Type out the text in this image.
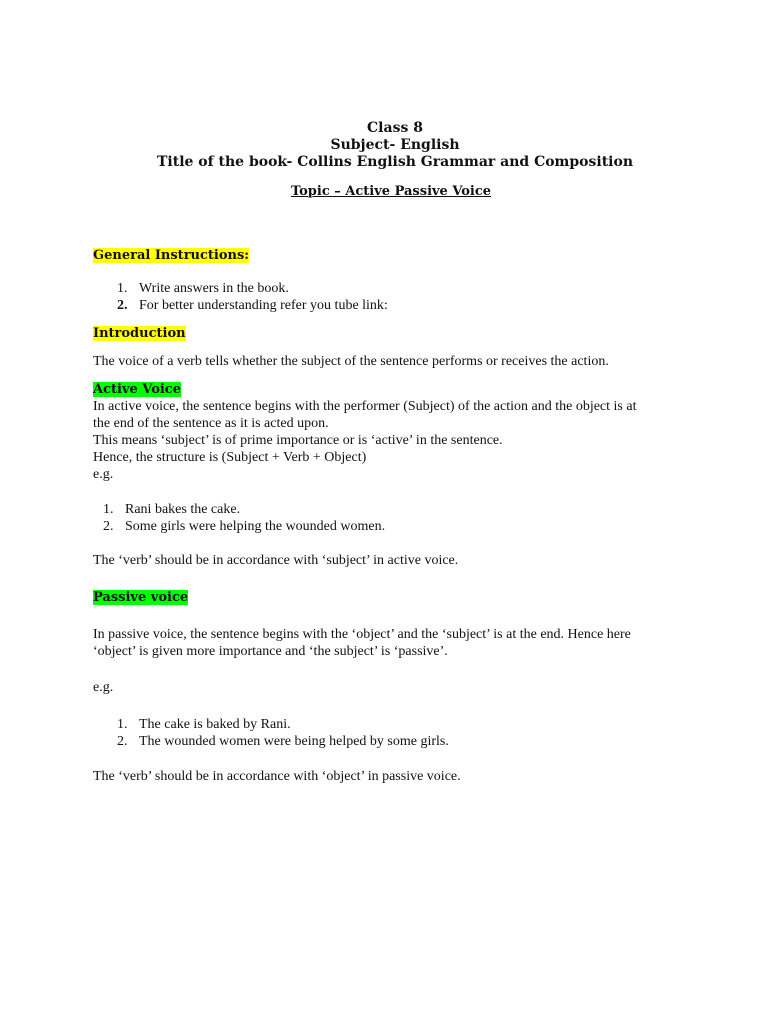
Class 8
Subject- English
Title of the book- Collins English Grammar and Composition
Topic – Active Passive Voice
General Instructions:
1. Write answers in the book.
2. For better understanding refer you tube link:
Introduction
The voice of a verb tells whether the subject of the sentence performs or receives the action.
Active Voice
In active voice, the sentence begins with the performer (Subject) of the action and the object is at
the end of the sentence as it is acted upon.
This means ‘subject’ is of prime importance or is ‘active’ in the sentence.
Hence, the structure is (Subject + Verb + Object)
e.g.
1. Rani bakes the cake.
2. Some girls were helping the wounded women.
The ‘verb’ should be in accordance with ‘subject’ in active voice.
Passive voice
In passive voice, the sentence begins with the ‘object’ and the ‘subject’ is at the end. Hence here
‘object’ is given more importance and ‘the subject’ is ‘passive’.
e.g.
1. The cake is baked by Rani.
2. The wounded women were being helped by some girls.
The ‘verb’ should be in accordance with ‘object’ in passive voice.
